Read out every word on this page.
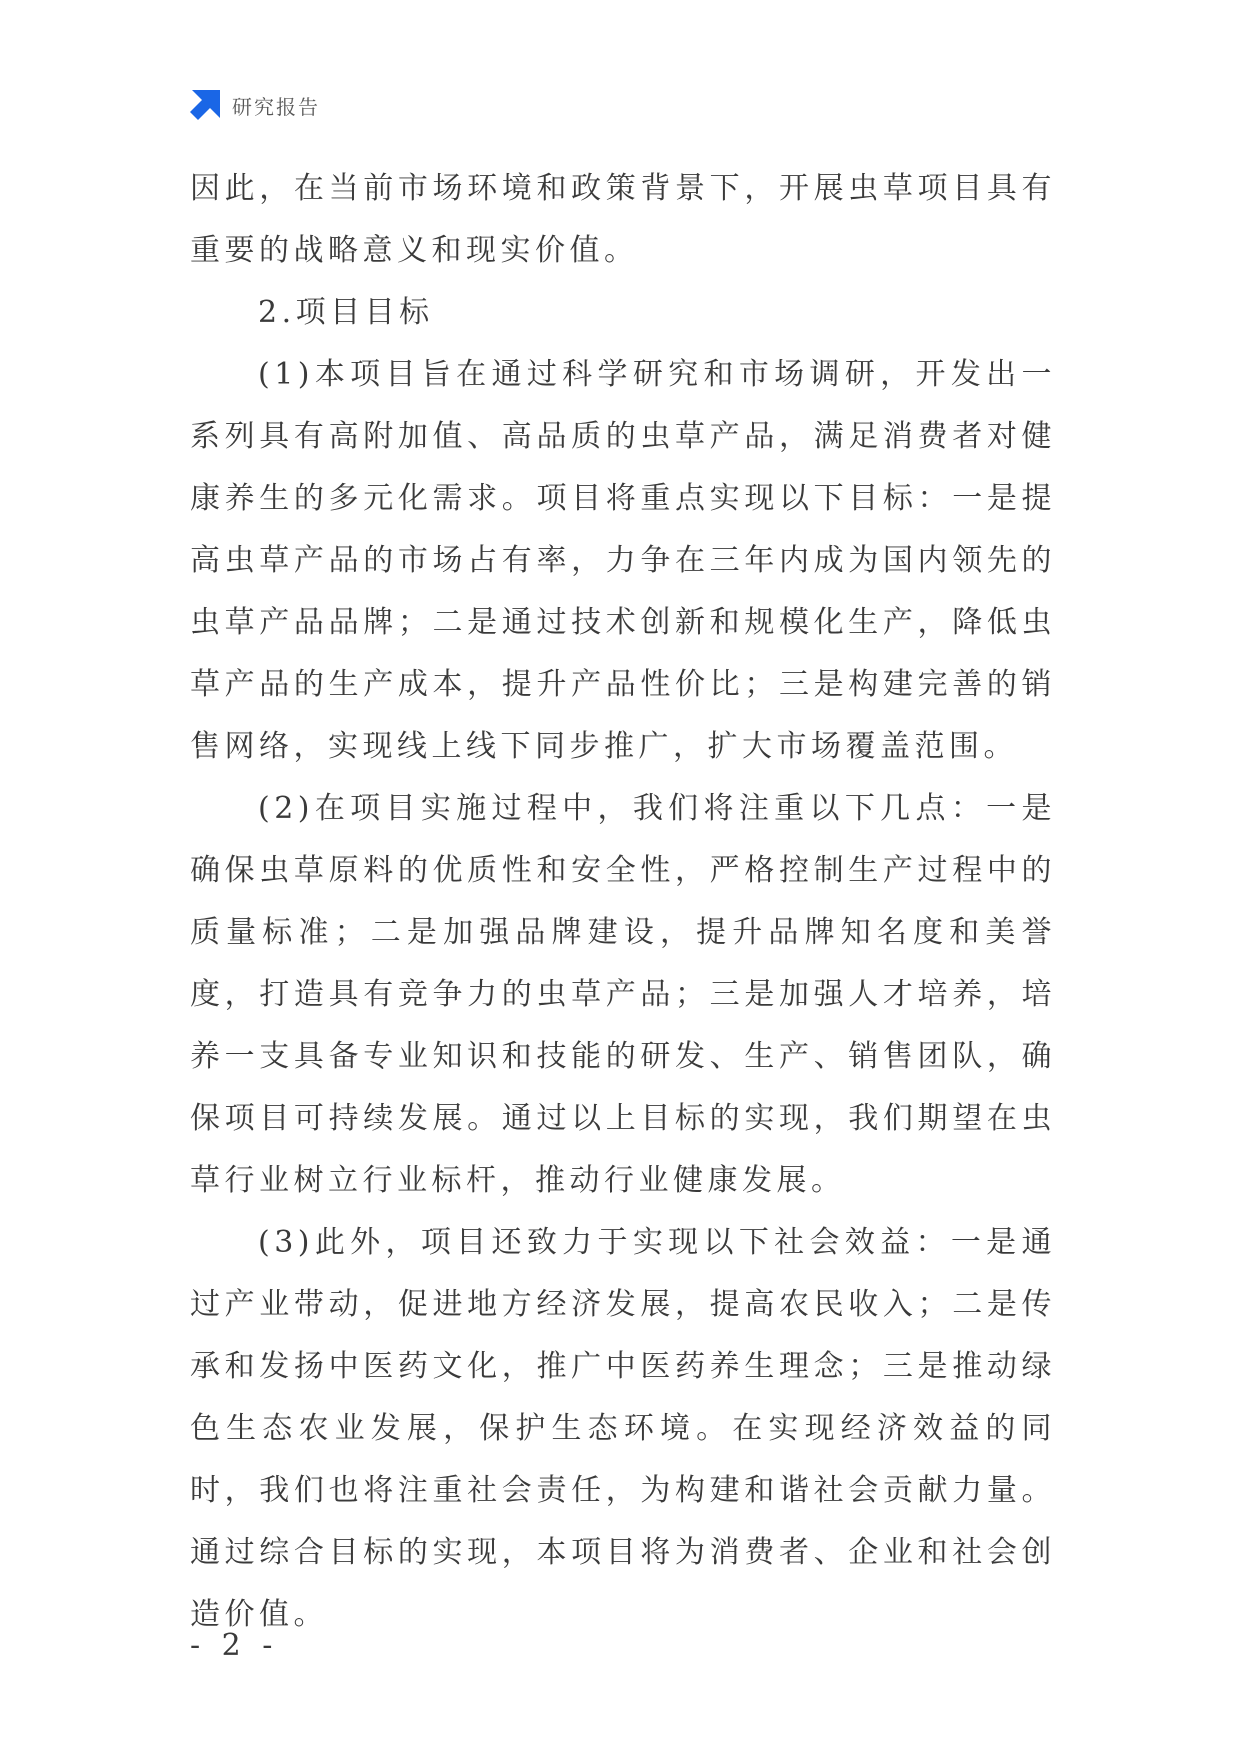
研究报告

因此，在当前市场环境和政策背景下，开展虫草项目具有重要的战略意义和现实价值。

2.项目目标

(1)本项目旨在通过科学研究和市场调研，开发出一系列具有高附加值、高品质的虫草产品，满足消费者对健康养生的多元化需求。项目将重点实现以下目标：一是提高虫草产品的市场占有率，力争在三年内成为国内领先的虫草产品品牌；二是通过技术创新和规模化生产，降低虫草产品的生产成本，提升产品性价比；三是构建完善的销售网络，实现线上线下同步推广，扩大市场覆盖范围。

(2)在项目实施过程中，我们将注重以下几点：一是确保虫草原料的优质性和安全性，严格控制生产过程中的质量标准；二是加强品牌建设，提升品牌知名度和美誉度，打造具有竞争力的虫草产品；三是加强人才培养，培养一支具备专业知识和技能的研发、生产、销售团队，确保项目可持续发展。通过以上目标的实现，我们期望在虫草行业树立行业标杆，推动行业健康发展。

(3)此外，项目还致力于实现以下社会效益：一是通过产业带动，促进地方经济发展，提高农民收入；二是传承和发扬中医药文化，推广中医药养生理念；三是推动绿色生态农业发展，保护生态环境。在实现经济效益的同时，我们也将注重社会责任，为构建和谐社会贡献力量。通过综合目标的实现，本项目将为消费者、企业和社会创造价值。

- 2 -
